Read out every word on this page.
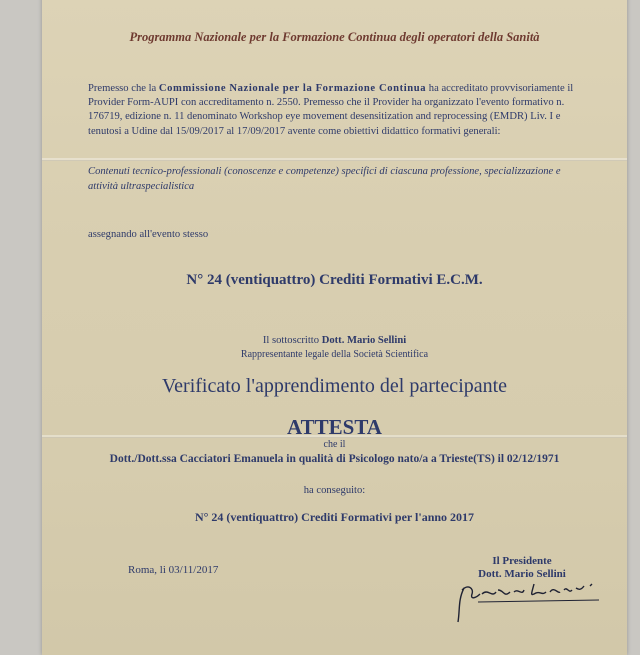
Programma Nazionale per la Formazione Continua degli operatori della Sanità
Premesso che la Commissione Nazionale per la Formazione Continua ha accreditato provvisoriamente il Provider Form-AUPI con accreditamento n. 2550. Premesso che il Provider ha organizzato l'evento formativo n. 176719, edizione n. 11 denominato Workshop eye movement desensitization and reprocessing (EMDR) Liv. I e tenutosi a Udine dal 15/09/2017 al 17/09/2017 avente come obiettivi didattico formativi generali:
Contenuti tecnico-professionali (conoscenze e competenze) specifici di ciascuna professione, specializzazione e attività ultraspecialistica
assegnando all'evento stesso
N° 24 (ventiquattro) Crediti Formativi E.C.M.
Il sottoscritto Dott. Mario Sellini
Rappresentante legale della Società Scientifica
Verificato l'apprendimento del partecipante
ATTESTA
che il
Dott./Dott.ssa Cacciatori Emanuela in qualità di Psicologo nato/a a Trieste(TS) il 02/12/1971
ha conseguito:
N° 24 (ventiquattro) Crediti Formativi per l'anno 2017
Roma, li 03/11/2017
Il Presidente
Dott. Mario Sellini
